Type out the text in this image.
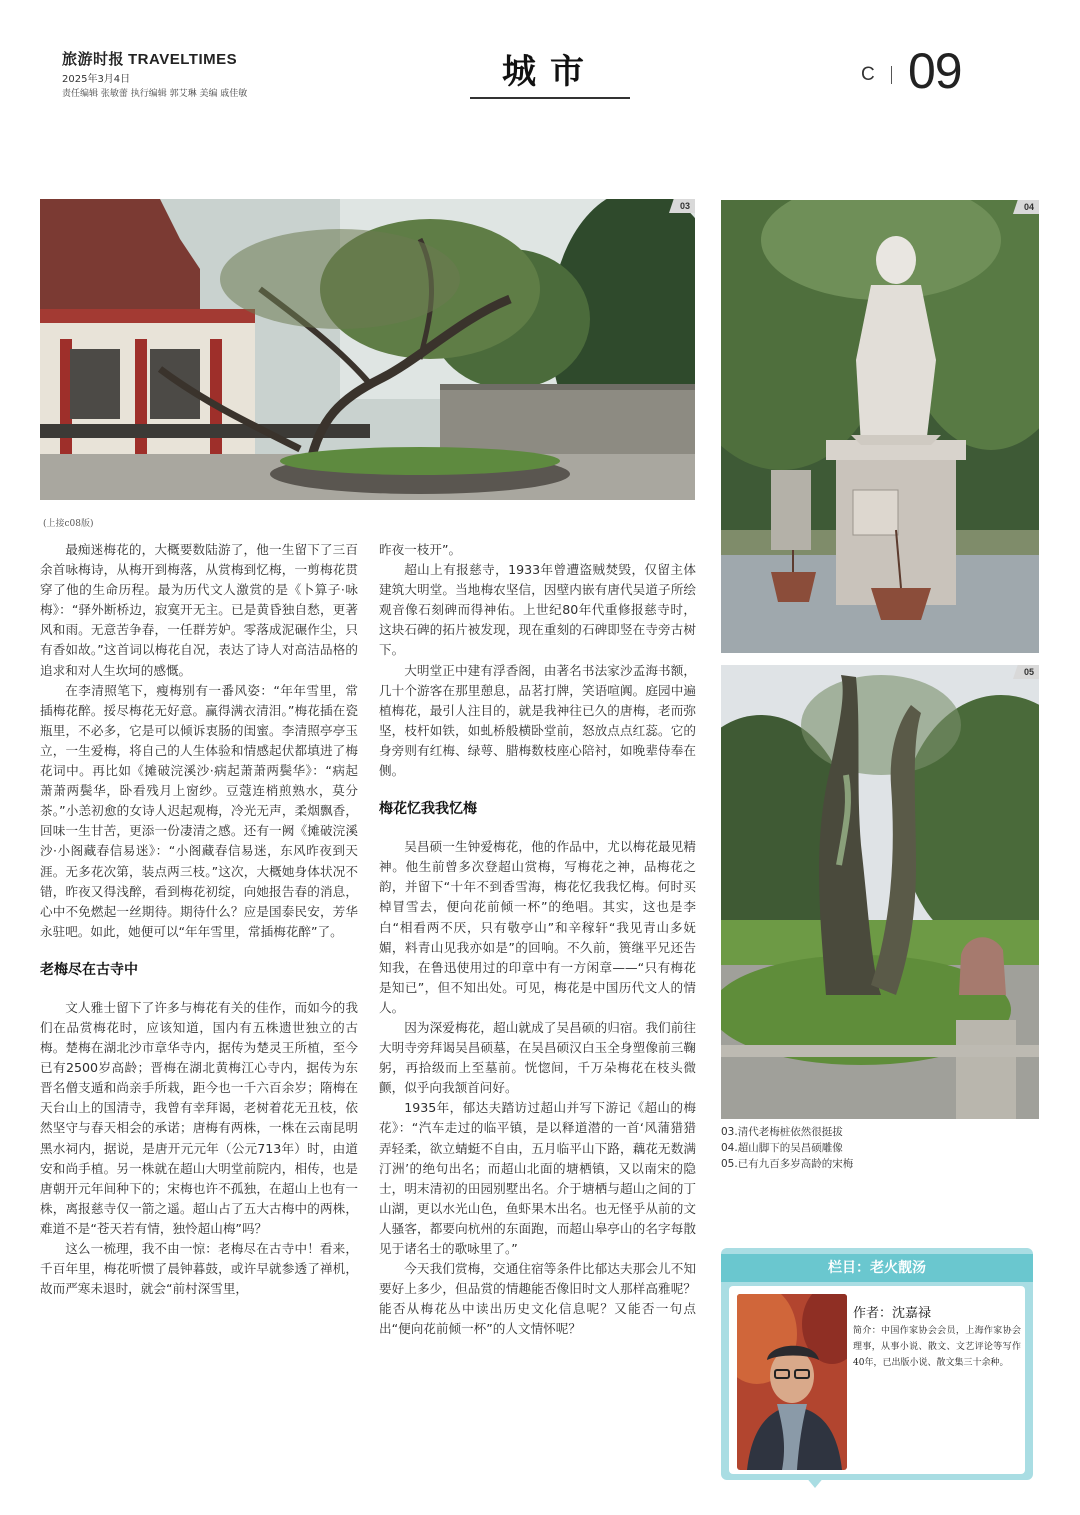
旅游时报 TRAVELTIMES
2025年3月4日
责任编辑 张敏蕾 执行编辑 郭艾琳 美编 戚佳敏
城市	C 09
03	04
05
(上接c08版)

最痴迷梅花的，大概要数陆游了，他一生留下了三百余首咏梅诗，从梅开到梅落，从赏梅到忆梅，一剪梅花贯穿了他的生命历程。最为历代文人激赏的是《卜算子·咏梅》：“驿外断桥边，寂寞开无主。已是黄昏独自愁，更著风和雨。无意苦争春，一任群芳妒。零落成泥碾作尘，只有香如故。”这首词以梅花自况，表达了诗人对高洁品格的追求和对人生坎坷的感慨。

在李清照笔下，瘦梅别有一番风姿：“年年雪里，常插梅花醉。挼尽梅花无好意。赢得满衣清泪。”梅花插在瓷瓶里，不必多，它是可以倾诉衷肠的闺蜜。李清照亭亭玉立，一生爱梅，将自己的人生体验和情感起伏都填进了梅花词中。再比如《摊破浣溪沙·病起萧萧两鬓华》：“病起萧萧两鬓华，卧看残月上窗纱。豆蔻连梢煎熟水，莫分茶。”小恙初愈的女诗人迟起观梅，冷光无声，柔烟飘香，回味一生甘苦，更添一份凄清之感。还有一阙《摊破浣溪沙·小阁藏春信易迷》：“小阁藏春信易迷，东风昨夜到天涯。无多花次第，装点两三枝。”这次，大概她身体状况不错，昨夜又得浅醉，看到梅花初绽，向她报告春的消息，心中不免燃起一丝期待。期待什么？应是国泰民安，芳华永驻吧。如此，她便可以“年年雪里，常插梅花醉”了。

老梅尽在古寺中

文人雅士留下了许多与梅花有关的佳作，而如今的我们在品赏梅花时，应该知道，国内有五株遗世独立的古梅。楚梅在湖北沙市章华寺内，据传为楚灵王所植，至今已有2500岁高龄；晋梅在湖北黄梅江心寺内，据传为东晋名僧支遁和尚亲手所栽，距今也一千六百余岁；隋梅在天台山上的国清寺，我曾有幸拜谒，老树着花无丑枝，依然坚守与春天相会的承诺；唐梅有两株，一株在云南昆明黑水祠内，据说，是唐开元元年（公元713年）时，由道安和尚手植。另一株就在超山大明堂前院内，相传，也是唐朝开元年间种下的；宋梅也许不孤独，在超山上也有一株，离报慈寺仅一箭之遥。超山占了五大古梅中的两株，难道不是“苍天若有情，独怜超山梅”吗？

这么一梳理，我不由一惊：老梅尽在古寺中！看来，千百年里，梅花听惯了晨钟暮鼓，或许早就参透了禅机，故而严寒未退时，就会“前村深雪里，

昨夜一枝开”。

超山上有报慈寺，1933年曾遭盗贼焚毁，仅留主体建筑大明堂。当地梅农坚信，因壁内嵌有唐代吴道子所绘观音像石刻碑而得神佑。上世纪80年代重修报慈寺时，这块石碑的拓片被发现，现在重刻的石碑即竖在寺旁古树下。

大明堂正中建有浮香阁，由著名书法家沙孟海书额，几十个游客在那里憩息，品茗打牌，笑语喧阗。庭园中遍植梅花，最引人注目的，就是我神往已久的唐梅，老而弥坚，枝杆如铁，如虬桥般横卧堂前，怒放点点红蕊。它的身旁则有红梅、绿萼、腊梅数枝座心陪衬，如晚辈侍奉在侧。

梅花忆我我忆梅

吴昌硕一生钟爱梅花，他的作品中，尤以梅花最见精神。他生前曾多次登超山赏梅，写梅花之神，品梅花之韵，并留下“十年不到香雪海，梅花忆我我忆梅。何时买棹冒雪去，便向花前倾一杯”的绝唱。其实，这也是李白“相看两不厌，只有敬亭山”和辛稼轩“我见青山多妩媚，料青山见我亦如是”的回响。不久前，篑继平兄还告知我，在鲁迅使用过的印章中有一方闲章——“只有梅花是知已”，但不知出处。可见，梅花是中国历代文人的情人。

因为深爱梅花，超山就成了吴昌硕的归宿。我们前往大明寺旁拜谒吴昌硕墓，在吴昌硕汉白玉全身塑像前三鞠躬，再拾级而上至墓前。恍惚间，千万朵梅花在枝头微颤，似乎向我颔首问好。

1935年，郁达夫踏访过超山并写下游记《超山的梅花》：“汽车走过的临平镇，是以释道潜的一首‘风蒲猎猎弄轻柔，欲立蜻蜓不自由，五月临平山下路，藕花无数满汀洲’的绝句出名；而超山北面的塘栖镇，又以南宋的隐士，明末清初的田园别墅出名。介于塘栖与超山之间的丁山湖，更以水光山色，鱼虾果木出名。也无怪乎从前的文人骚客，都要向杭州的东面跑，而超山皋亭山的名字每散见于诸名士的歌咏里了。”

今天我们赏梅，交通住宿等条件比郁达夫那会儿不知要好上多少，但品赏的情趣能否像旧时文人那样高雅呢？能否从梅花丛中读出历史文化信息呢？又能否一句点出“便向花前倾一杯”的人文情怀呢？

03.清代老梅桩依然很挺拔
04.超山脚下的吴昌硕雕像
05.已有九百多岁高龄的宋梅
栏目：老火靓汤
作者：沈嘉禄
简介：中国作家协会会员，上海作家协会理事，从事小说、散文、文艺评论等写作40年，已出版小说、散文集三十余种。
